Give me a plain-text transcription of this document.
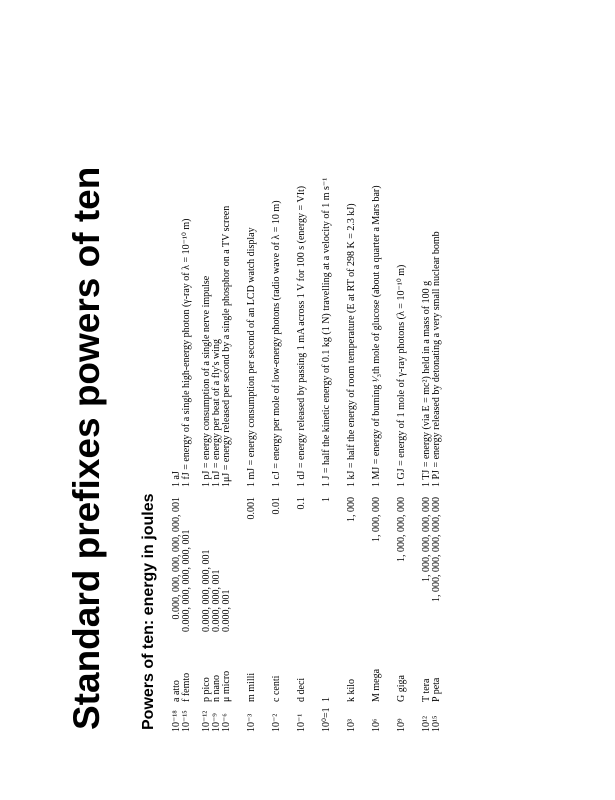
Standard prefixes powers of ten Powers of ten: energy in joules 10⁻¹⁸
a atto
0.000, 000, 000, 000, 000, 001
1 aJ
10⁻¹⁵
f femto
0.000, 000, 000, 000, 001
1 fJ = energy of a single high-energy photon (γ-ray of λ = 10⁻¹⁰ m)
10⁻¹²
p pico
0.000, 000, 000, 001
1 pJ = energy consumption of a single nerve impulse
10⁻⁹
n nano
0.000, 000, 001
1 nJ = energy per beat of a fly's wing
10⁻⁶
μ micro
0.000, 001
1μJ = energy released per second by a single phosphor on a TV screen
10⁻³
m milli
0.001
1 mJ = energy consumption per second of an LCD watch display
10⁻²
c centi
0.01
1 cJ = energy per mole of low-energy photons (radio wave of λ = 10 m)
10⁻¹
d deci
0.1
1 dJ = energy released by passing 1 mA across 1 V for 100 s (energy = VIt)
10⁰=1
1
1
1 J = half the kinetic energy of 0.1 kg (1 N) travelling at a velocity of 1 m s⁻¹
10³
k kilo
1, 000
1 kJ = half the energy of room temperature (E at RT of 298 K = 2.3 kJ)
10⁶
M mega
1, 000, 000
1 MJ = energy of burning ¹⁄₃th mole of glucose (about a quarter a Mars bar)
10⁹
G giga
1, 000, 000, 000
1 GJ = energy of 1 mole of γ-ray photons (λ = 10⁻¹⁰ m)
10¹²
T tera
1, 000, 000, 000, 000
1 TJ = energy (via E = mc²) held in a mass of 100 g
10¹⁵
P peta
1, 000, 000, 000, 000, 000
1 PJ = energy released by detonating a very small nuclear bomb
